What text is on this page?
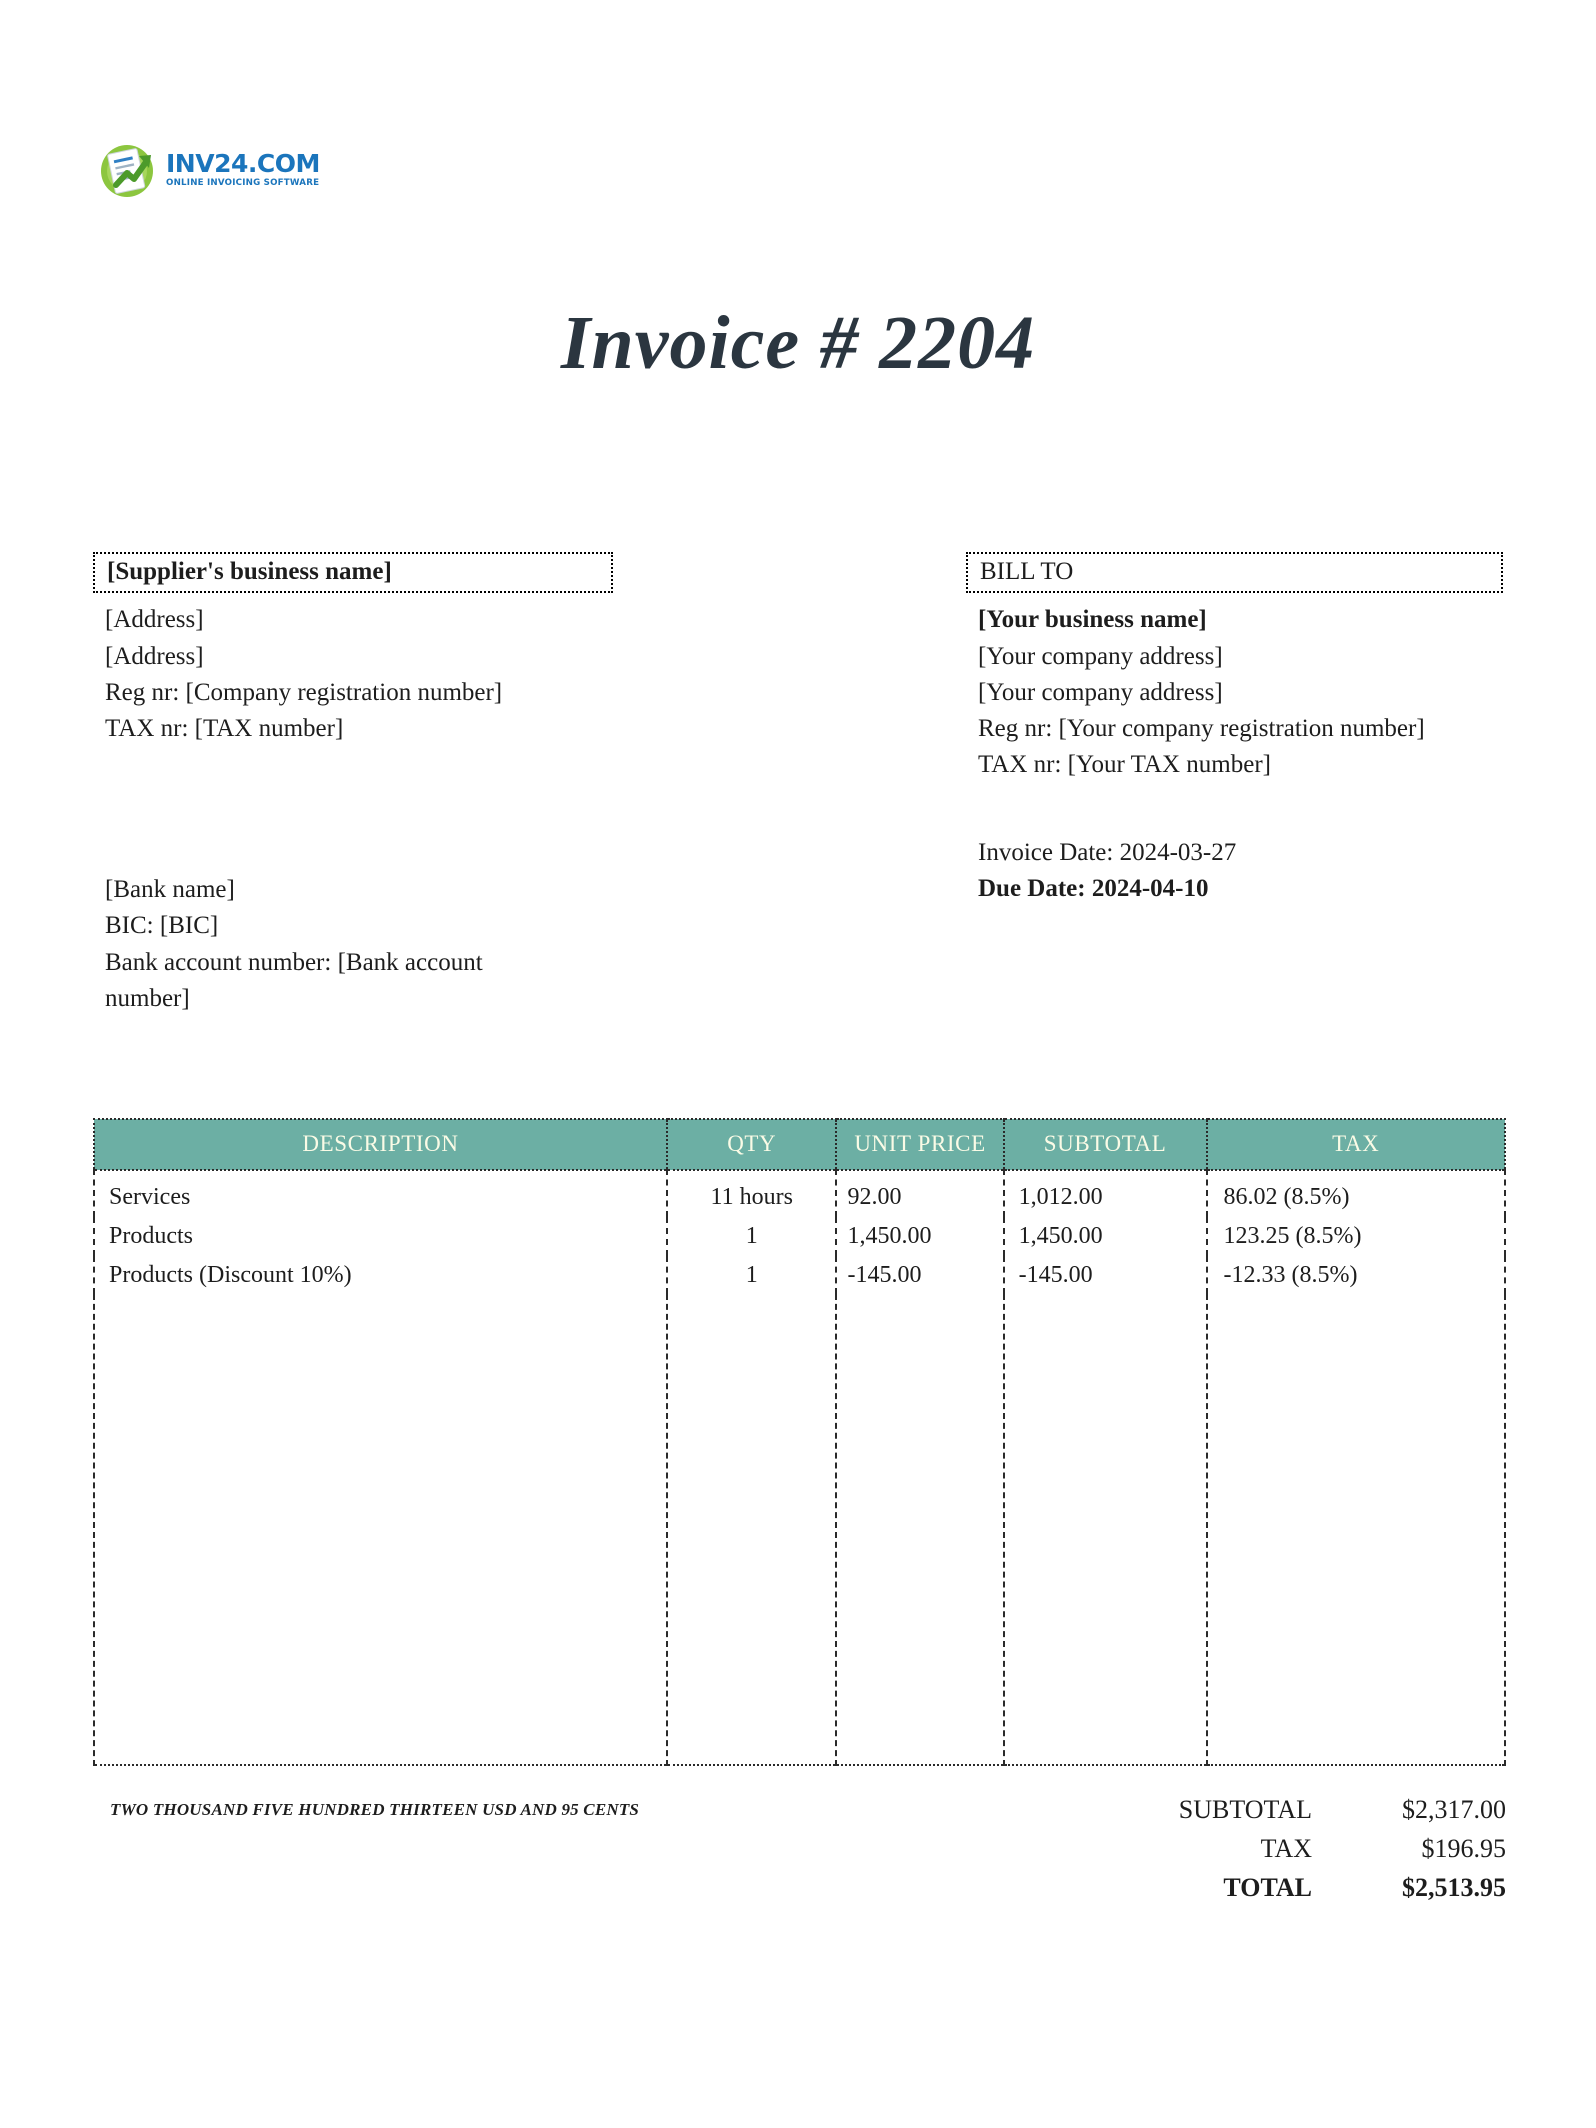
INV24.COM
ONLINE INVOICING SOFTWARE
Invoice # 2204
[Supplier's business name]
[Address]
[Address]
Reg nr: [Company registration number]
TAX nr: [TAX number]
[Bank name]
BIC: [BIC]
Bank account number: [Bank account number]
BILL TO
[Your business name]
[Your company address]
[Your company address]
Reg nr: [Your company registration number]
TAX nr: [Your TAX number]
Invoice Date: 2024-03-27
Due Date: 2024-04-10
DESCRIPTION	QTY	UNIT PRICE	SUBTOTAL	TAX
Services	11 hours	92.00	1,012.00	86.02 (8.5%)
Products	1	1,450.00	1,450.00	123.25 (8.5%)
Products (Discount 10%)	1	-145.00	-145.00	-12.33 (8.5%)

TWO THOUSAND FIVE HUNDRED THIRTEEN USD AND 95 CENTS	SUBTOTAL	$2,317.00
TAX	$196.95
TOTAL	$2,513.95
